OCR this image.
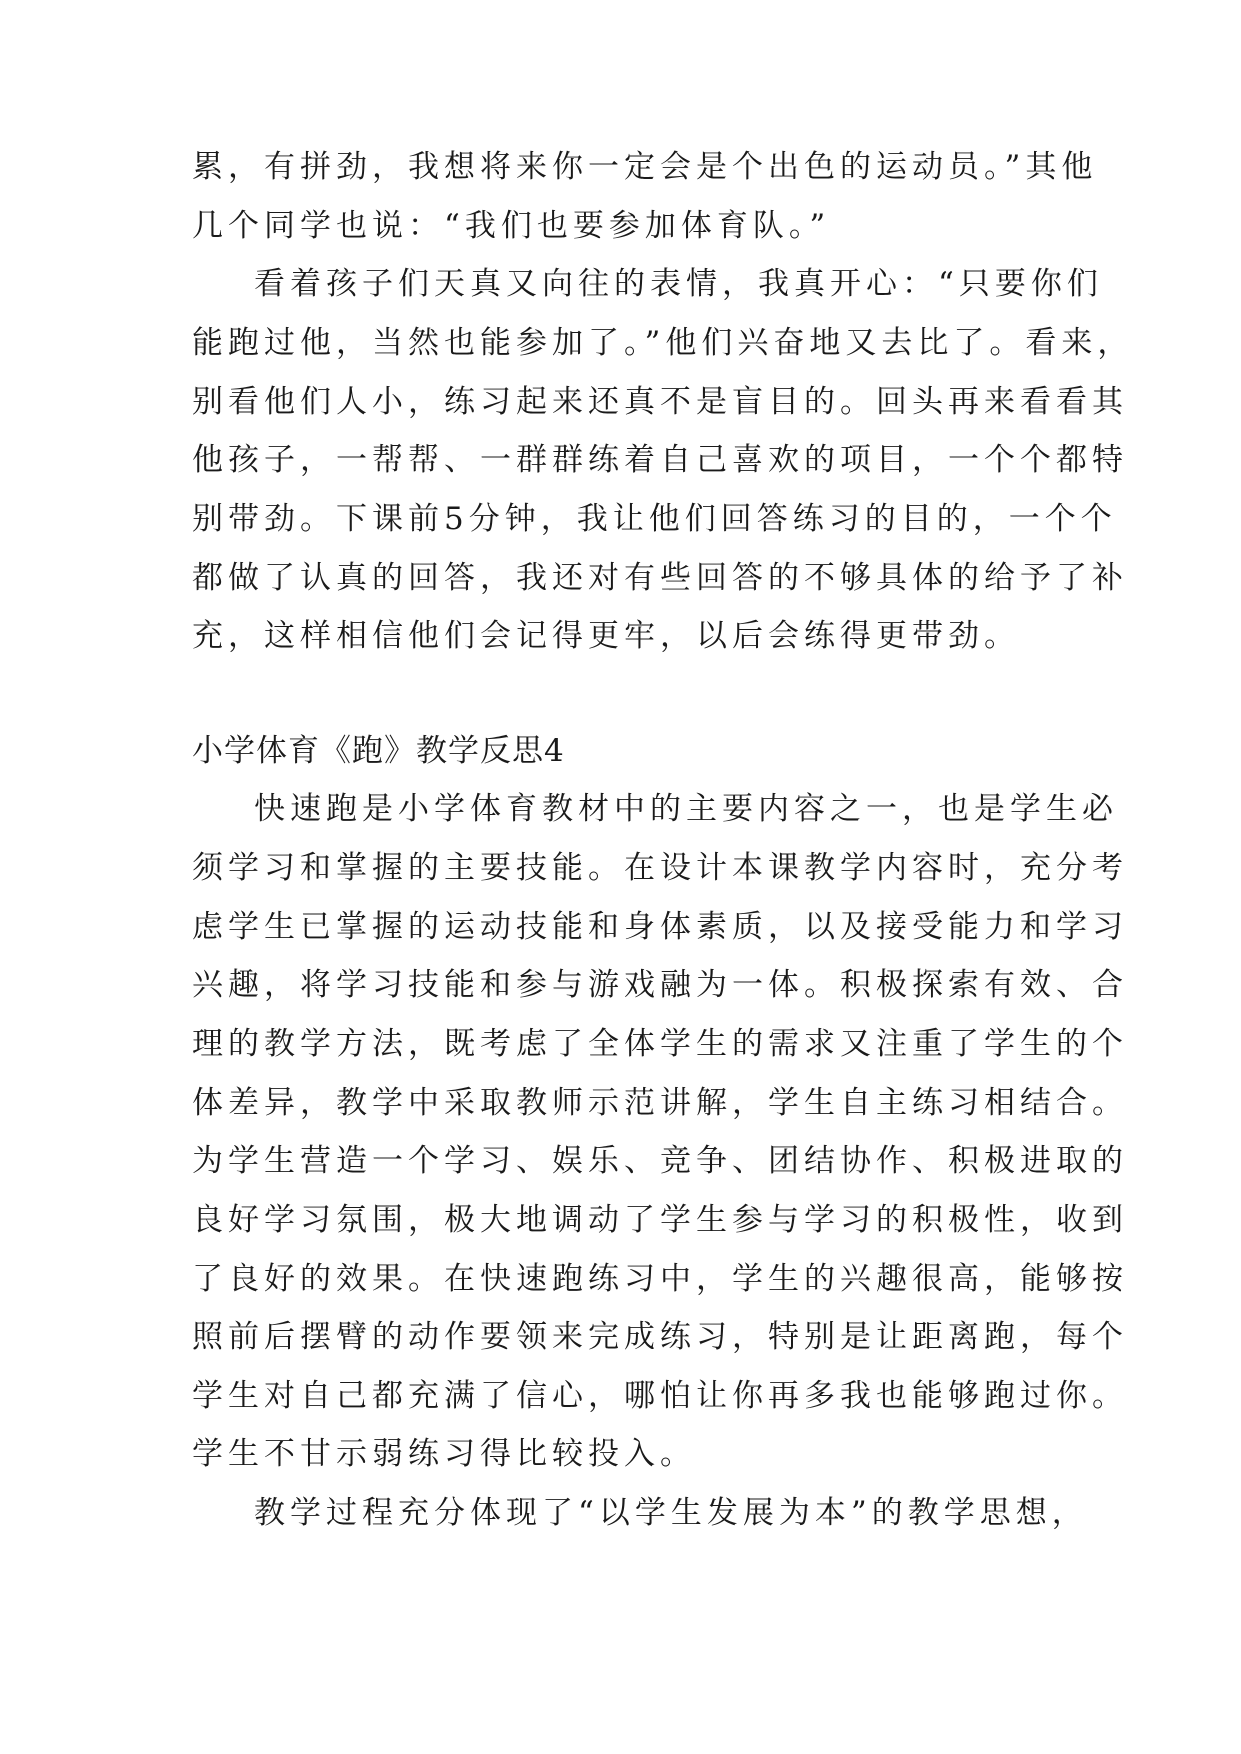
累，有拼劲，我想将来你一定会是个出色的运动员。”其他
几个同学也说：“我们也要参加体育队。”
看着孩子们天真又向往的表情，我真开心：“只要你们
能跑过他，当然也能参加了。”他们兴奋地又去比了。看来，
别看他们人小，练习起来还真不是盲目的。回头再来看看其
他孩子，一帮帮、一群群练着自己喜欢的项目，一个个都特
别带劲。下课前5分钟，我让他们回答练习的目的，一个个
都做了认真的回答，我还对有些回答的不够具体的给予了补
充，这样相信他们会记得更牢，以后会练得更带劲。
小学体育《跑》教学反思4
快速跑是小学体育教材中的主要内容之一，也是学生必
须学习和掌握的主要技能。在设计本课教学内容时，充分考
虑学生已掌握的运动技能和身体素质，以及接受能力和学习
兴趣，将学习技能和参与游戏融为一体。积极探索有效、合
理的教学方法，既考虑了全体学生的需求又注重了学生的个
体差异，教学中采取教师示范讲解，学生自主练习相结合。
为学生营造一个学习、娱乐、竞争、团结协作、积极进取的
良好学习氛围，极大地调动了学生参与学习的积极性，收到
了良好的效果。在快速跑练习中，学生的兴趣很高，能够按
照前后摆臂的动作要领来完成练习，特别是让距离跑，每个
学生对自己都充满了信心，哪怕让你再多我也能够跑过你。
学生不甘示弱练习得比较投入。
教学过程充分体现了“以学生发展为本”的教学思想，
